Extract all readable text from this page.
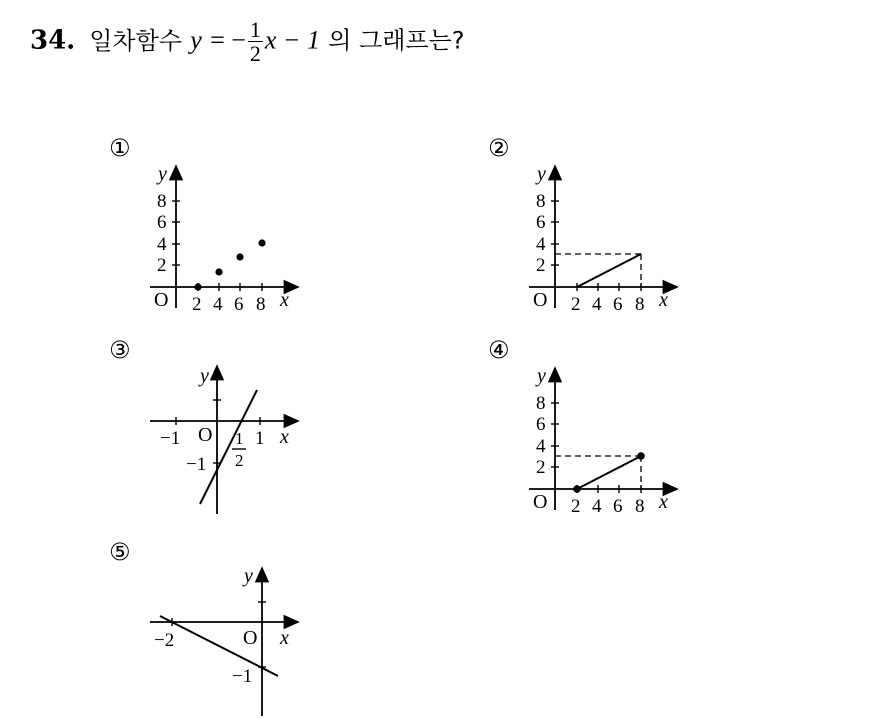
34. 일차함수 y = − $\frac{1}{2}$ x − 1 의 그래프는?
①
y
x
O
8
6
4
2
2 4 6 8
②
y
x
O
8
6
4
2
2 4 6 8
③
y
x
O
−1	1
−1
1
2
④
y
x
O
8
6
4
2
2 4 6 8
⑤
y
x
O
−2
−1
